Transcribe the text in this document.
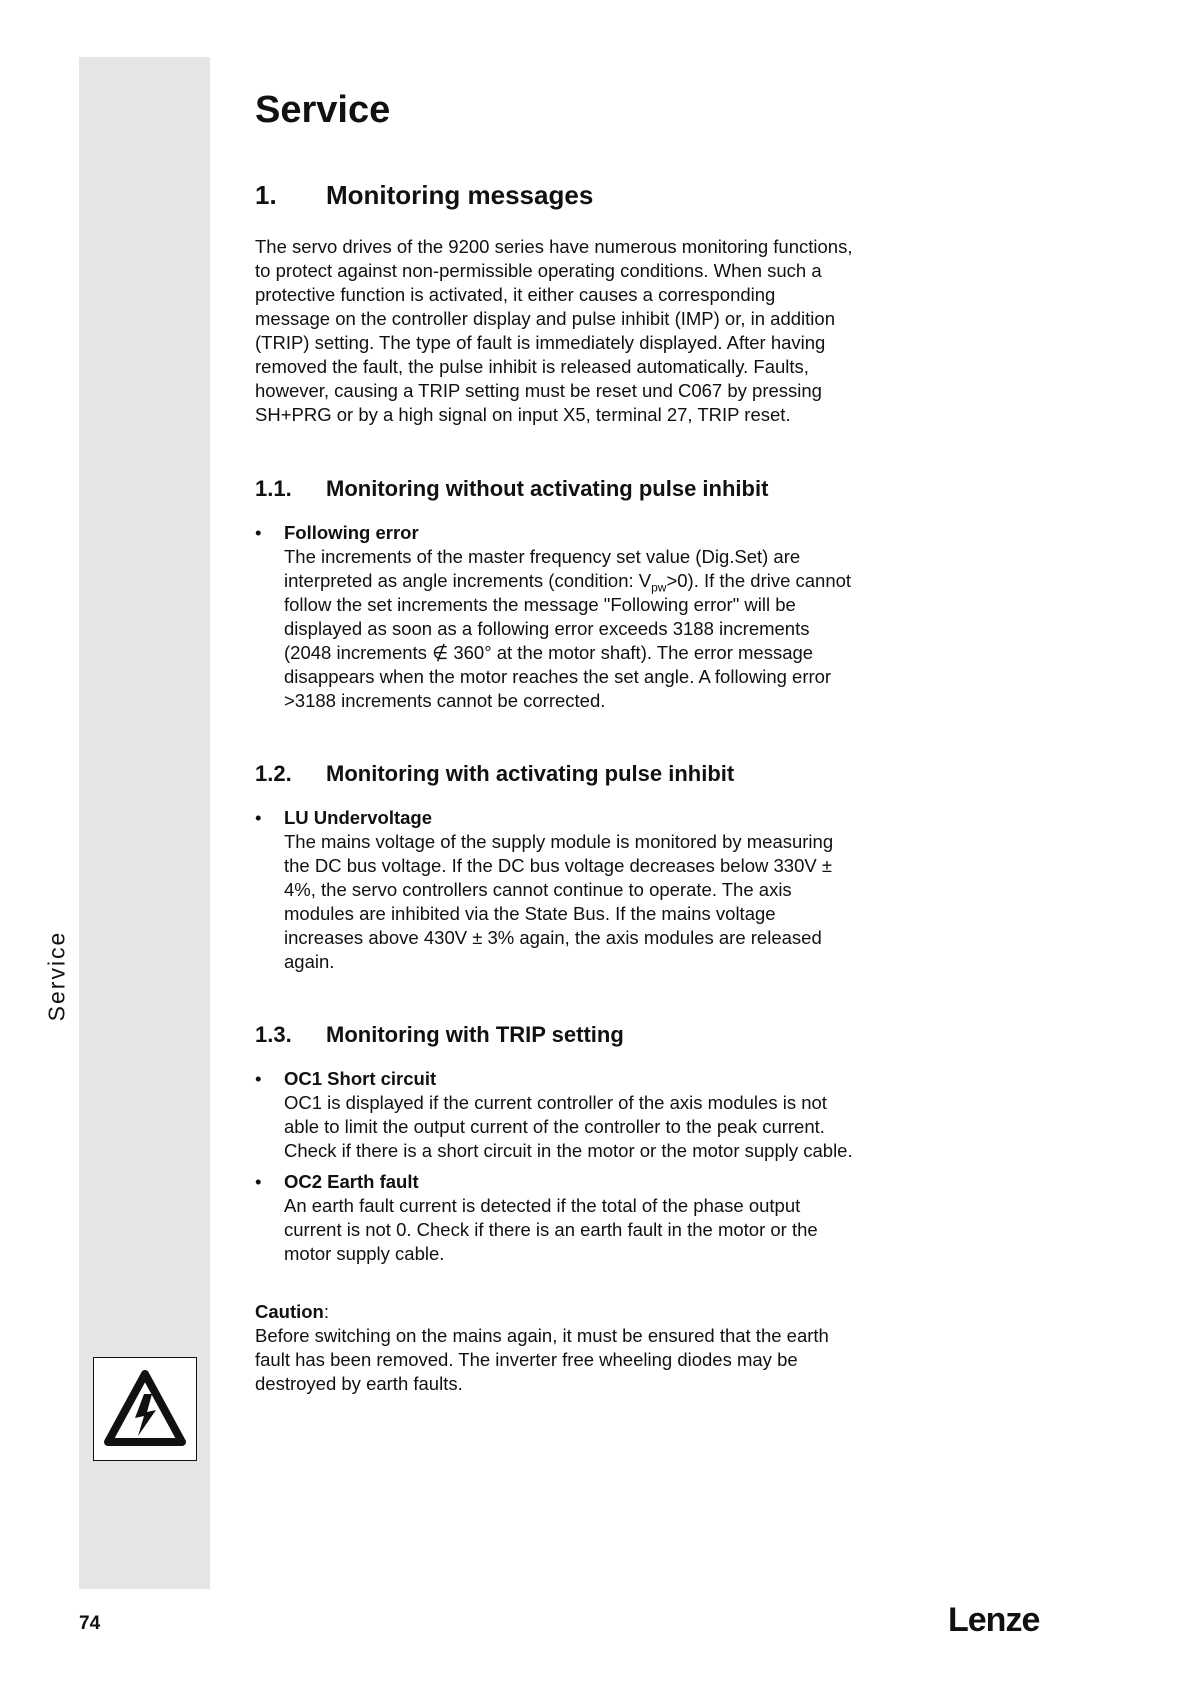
Service
Service
1.	Monitoring messages

The servo drives of the 9200 series have numerous monitoring functions, to protect against non-permissible operating conditions. When such a protective function is activated, it either causes a corresponding message on the controller display and pulse inhibit (IMP) or, in addition (TRIP) setting. The type of fault is immediately displayed. After having removed the fault, the pulse inhibit is released automatically. Faults, however, causing a TRIP setting must be reset und C067 by pressing SH+PRG or by a high signal on input X5, terminal 27, TRIP reset.

1.1.	Monitoring without activating pulse inhibit
•	Following error
The increments of the master frequency set value (Dig.Set) are interpreted as angle increments (condition: $V_{pw}>0$). If the drive cannot follow the set increments the message "Following error" will be displayed as soon as a following error exceeds 3188 increments (2048 increments ∉ 360° at the motor shaft). The error message disappears when the motor reaches the set angle. A following error >3188 increments cannot be corrected.
1.2.	Monitoring with activating pulse inhibit
•	LU Undervoltage
The mains voltage of the supply module is monitored by measuring the DC bus voltage. If the DC bus voltage decreases below 330V ± 4%, the servo controllers cannot continue to operate. The axis modules are inhibited via the State Bus. If the mains voltage increases above 430V ± 3% again, the axis modules are released again.
1.3.	Monitoring with TRIP setting
•	OC1 Short circuit
OC1 is displayed if the current controller of the axis modules is not able to limit the output current of the controller to the peak current. Check if there is a short circuit in the motor or the motor supply cable.
•	OC2 Earth fault
An earth fault current is detected if the total of the phase output current is not 0. Check if there is an earth fault in the motor or the motor supply cable.
Caution:
Before switching on the mains again, it must be ensured that the earth fault has been removed. The inverter free wheeling diodes may be destroyed by earth faults.
74	Lenze
